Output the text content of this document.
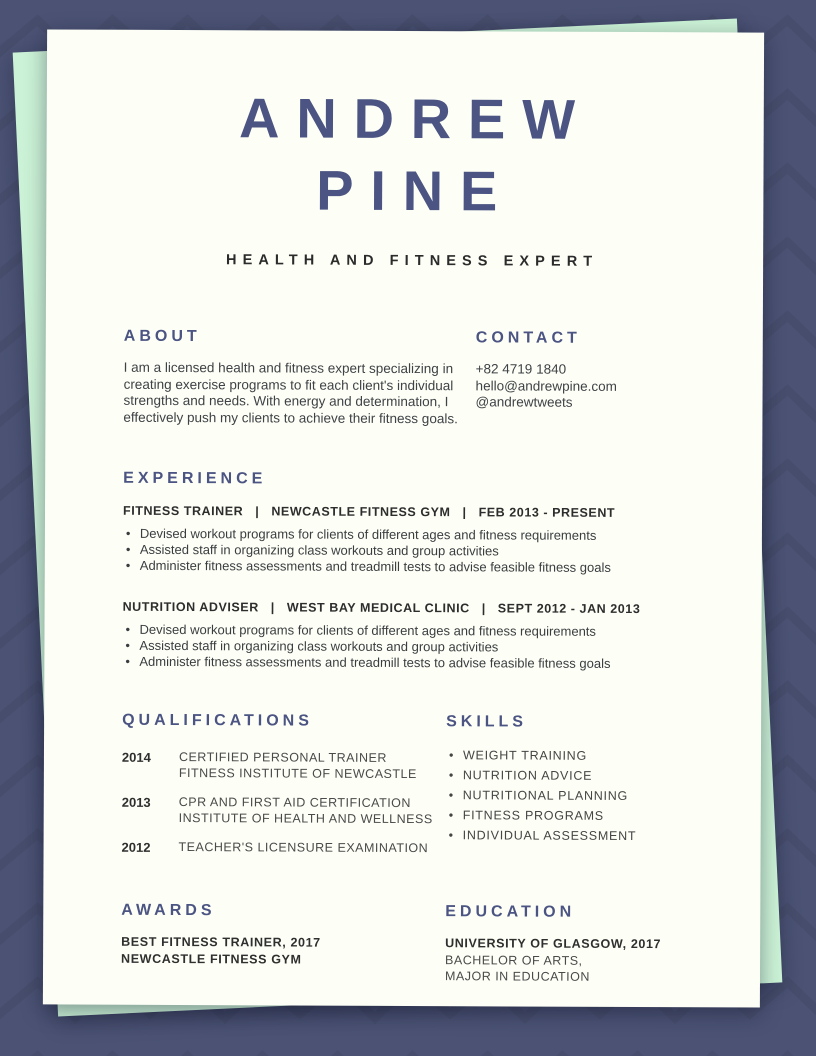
ANDREW
PINE
HEALTH AND FITNESS EXPERT
ABOUT

I am a licensed health and fitness expert specializing in creating exercise programs to fit each client's individual strengths and needs. With energy and determination, I effectively push my clients to achieve their fitness goals.

CONTACT
+82 4719 1840
hello@andrewpine.com
@andrewtweets
EXPERIENCE
FITNESS TRAINER | NEWCASTLE FITNESS GYM | FEB 2013 - PRESENT
• Devised workout programs for clients of different ages and fitness requirements
• Assisted staff in organizing class workouts and group activities
• Administer fitness assessments and treadmill tests to advise feasible fitness goals
NUTRITION ADVISER | WEST BAY MEDICAL CLINIC | SEPT 2012 - JAN 2013
• Devised workout programs for clients of different ages and fitness requirements
• Assisted staff in organizing class workouts and group activities
• Administer fitness assessments and treadmill tests to advise feasible fitness goals
QUALIFICATIONS
2014	CERTIFIED PERSONAL TRAINER
FITNESS INSTITUTE OF NEWCASTLE
2013	CPR AND FIRST AID CERTIFICATION
INSTITUTE OF HEALTH AND WELLNESS
2012	TEACHER'S LICENSURE EXAMINATION
SKILLS
• WEIGHT TRAINING
• NUTRITION ADVICE
• NUTRITIONAL PLANNING
• FITNESS PROGRAMS
• INDIVIDUAL ASSESSMENT
AWARDS
BEST FITNESS TRAINER, 2017
NEWCASTLE FITNESS GYM
EDUCATION
UNIVERSITY OF GLASGOW, 2017
BACHELOR OF ARTS,
MAJOR IN EDUCATION
